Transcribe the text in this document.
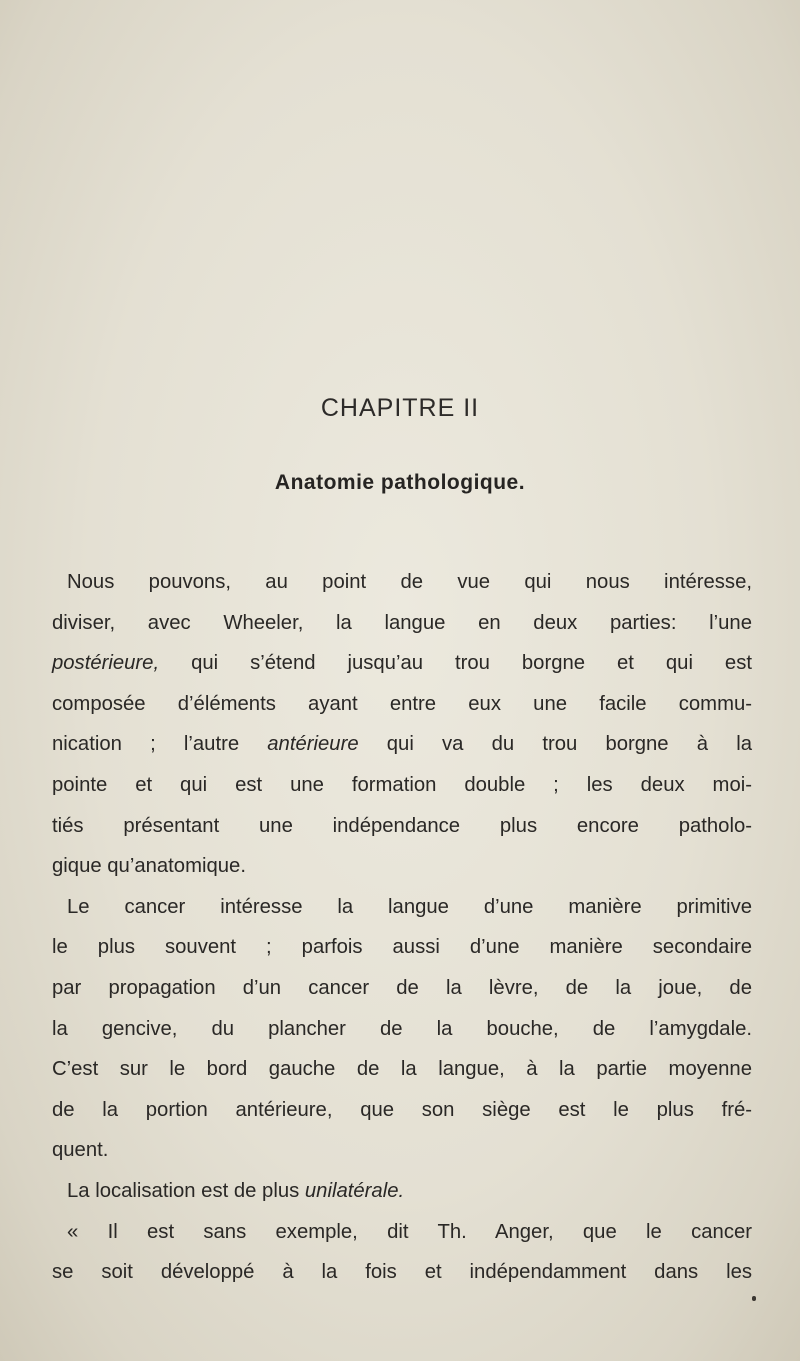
CHAPITRE II
Anatomie pathologique.
Nous pouvons, au point de vue qui nous intéresse,
diviser, avec Wheeler, la langue en deux parties: l’une
postérieure, qui s’étend jusqu’au trou borgne et qui est
composée d’éléments ayant entre eux une facile commu-
nication ; l’autre antérieure qui va du trou borgne à la
pointe et qui est une formation double ; les deux moi-
tiés présentant une indépendance plus encore patholo-
gique qu’anatomique.
Le cancer intéresse la langue d’une manière primitive
le plus souvent ; parfois aussi d’une manière secondaire
par propagation d’un cancer de la lèvre, de la joue, de
la gencive, du plancher de la bouche, de l’amygdale.
C’est sur le bord gauche de la langue, à la partie moyenne
de la portion antérieure, que son siège est le plus fré-
quent.
La localisation est de plus unilatérale.
« Il est sans exemple, dit Th. Anger, que le cancer
se soit développé à la fois et indépendamment dans les
